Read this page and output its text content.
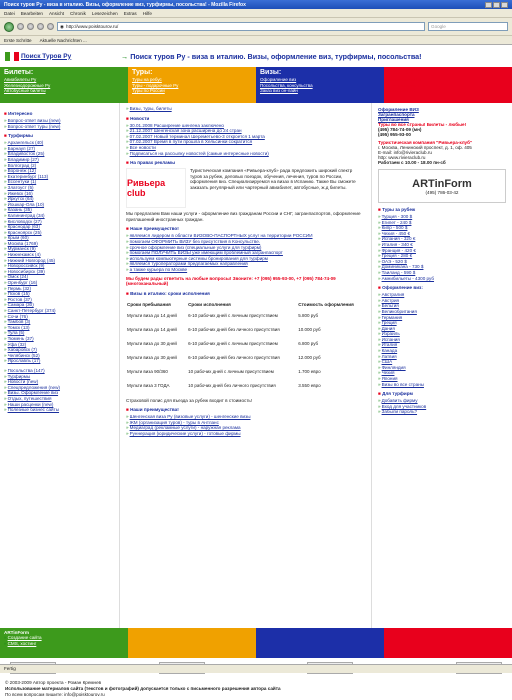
Поиск туров Ру - виза в италию. Визы, оформление виз, турфирмы, посольства! - Mozilla Firefox
Datei Bearbeiten Ansicht Chronik Lesezeichen Extras Hilfe
◉ http://www.poisktourov.ru/	Google
Erste Schritte Aktuelle Nachrichten ...
Поиск Туров Ру	→ Поиск туров Ру - виза в италию. Визы, оформление виз, турфирмы, посольства!
Билеты:
Авиабилеты Ру
Железнодорожные Ру
Автобусные билеты
Туры:
Туры на ребус
Туры - подарочные Ру
Туры по России
Визы:
Оформление виз
Посольства, консульства
Заказ виз он-лайн
Паспорта:
Загранпаспорта
Приглашения для
иностранцев
■ Интересно
» Вопрос-ответ визы (new)
» Вопрос-ответ туры (new)
■ Турфирмы
» Архангельск (40)
» Барнаул (27)
» Владивосток (25)
» Владимир (27)
» Волгоград (2)
» Воронеж (12)
» Екатеринбург (113)
» Ессентуки (1)
» Златоуст (5)
» Ижевск (16)
» Иркутск (64)
» Йошкар-Ола (10)
» Казань (35)
» Калининград (34)
» Кисловодск (27)
» Краснодар (63)
» Красноярск (25)
» Крым (60)
» Москва (1769)
» Мурманск (9)
» Нижнекамск (4)
» Нижний Новгород (45)
» Новороссийск (9)
» Новосибирск (39)
» Омск (24)
» Оренбург (16)
» Пермь (32)
» Псков (15)
» Ростов (37)
» Самара (30)
» Санкт-Петербург (374)
» Сочи (76)
» Тамбов (3)
» Томск (13)
» Тула (5)
» Тюмень (37)
» Уфа (32)
» Хабаровск (7)
» Челябинск (52)
» Ярославль (17)
» Посольства (147)
» Турфирмы
» Новости (new)
» Спецпредложения (new)
» Визы. Оформление виз
» Отдых, путешествия
» Наши расценки (new)
» Полезные бизнес сайты
» Визы, туры, билеты
■ Новости
» 30.01.2008 Расширение шенгена заключено
» 21.12.2007 Шенгенская зона расширена до 24 стран
» 07.02.2007 Новый терминал Шереметьево-3 откроется 1 марта
» 07.02.2007 Время в пути прошла в Хельсинки сократится
» Все новости
» Подписаться на рассылку новостей (самые интересные новости)
■ На правах рекламы
Ривьера club
Туристическая компания «Ривьера-клуб» рада предложить широкий спектр туров за рубеж, деловых поездок, обучения, лечения, туров по России, оформления виз. Специализируемся на визах в Испанию. Также Вы сможете заказать регулярный или чартерный авиабилет, автобусные, ж.д билеты.

Мы предлагаем Вам наши услуги - оформление виз гражданам России и СНГ, загранпаспортов, оформление приглашений иностранных граждан.

■ Наше преимущество!
» являемся лидером в области ВИЗОВО-ПАСПОРТНЫХ услуг на территории РОССИИ
» помогаем ОФОРМИТЬ ВИЗУ без присутствия в Консульстве.
» срочное оформление виз (специальные услуги для турфирм)
» помогаем ПОЛУЧИТЬ ВИЗЫ уже имеющим проблемный загранпаспорт
» используем компьютерные системы бронирования для турфирм
» являемся туроператорами предлагаемых направлений
» а также курьера по Москве

Мы будем рады ответить на любые вопросы! Звоните: +7 (095) 955-93-00, +7 (095) 784-74-09 (многоканальный)

■ Визы в италию: сроки исполнения
Сроки пребывания	Сроки исполнения	Стоимость оформления
Мульти виза до 14 дней	6-10 рабочих дней с личным присутствием	5.800 руб
Мульти виза до 14 дней	6-10 рабочих дней без личного присутствия	10.000 руб
Мульти виза до 30 дней	6-10 рабочих дней с личным присутствием	6.800 руб
Мульти виза до 30 дней	6-10 рабочих дней без личного присутствия	12.000 руб
Мульти виза 90/360	10 рабочих дней с личным присутствием	1.700 евро
Мульти виза 3 ГОДА	10 рабочих дней без личного присутствия	3.550 евро

Страховой полис для въезда за рубеж входит в стоимость!

■ Наши преимущества!
» Шенгенская виза Ру (визовые услуги) - шенгенские визы
» ЖМ (организация туров) - туры в Антланс
» Медиаград (рекламные услуги) - наружная реклама
» Руннерация (юридические услуги) - готовые фирмы
Оформление ВИЗ
Загранпаспорта
Приглашения
Туры во все страны! Билеты - любые!
(495) 784-74-09 (мн)
(495) 955-93-00
Туристическая компания "Ривьера-клуб"
г. Москва, Ленинский проспект, д. 1, оф. 405
E-mail: info@rivieraclub.ru
http: www.rivieraclub.ru
Работаем с 10.00 - 18.00 пн-сб
ARTinForm
(495) 786-03-42
■ Туры за рубеж
» Турция - 300 $
» Египет - 240 $
» Кипр - 500 $
» Чехия - 450 €
» Испания - 320 €
» Италия - 340 €
» Франция - 420 €
» Греция - 280 €
» ОАЭ - 520 $
» Доминикана - 730 $
» Таиланд - 590 $
» Амнибильеты - 4300 руб
■ Оформление виз:
» Австралия
» Австрия
» Бельгия
» Великобритания
» Германия
» Греция
» Дания
» Израиль
» Испания
» Италия
» Канада
» Латвия
» США
» Финляндия
» Чехия
» Япония
» Визы во все страны
■ Для турфирм
» Добавить фирму
» Вход для участников
» Забыли пароль?
ARTinForm
» Создание сайта
» CMS, хостинг
© 2003-2009 Автор проекта - Роман Кремнев
Использование материалов сайта (текстов и фотографий) допускается только с письменного разрешения автора сайта
По всем вопросам пишите: info@poisktourov.ru
Fertig
